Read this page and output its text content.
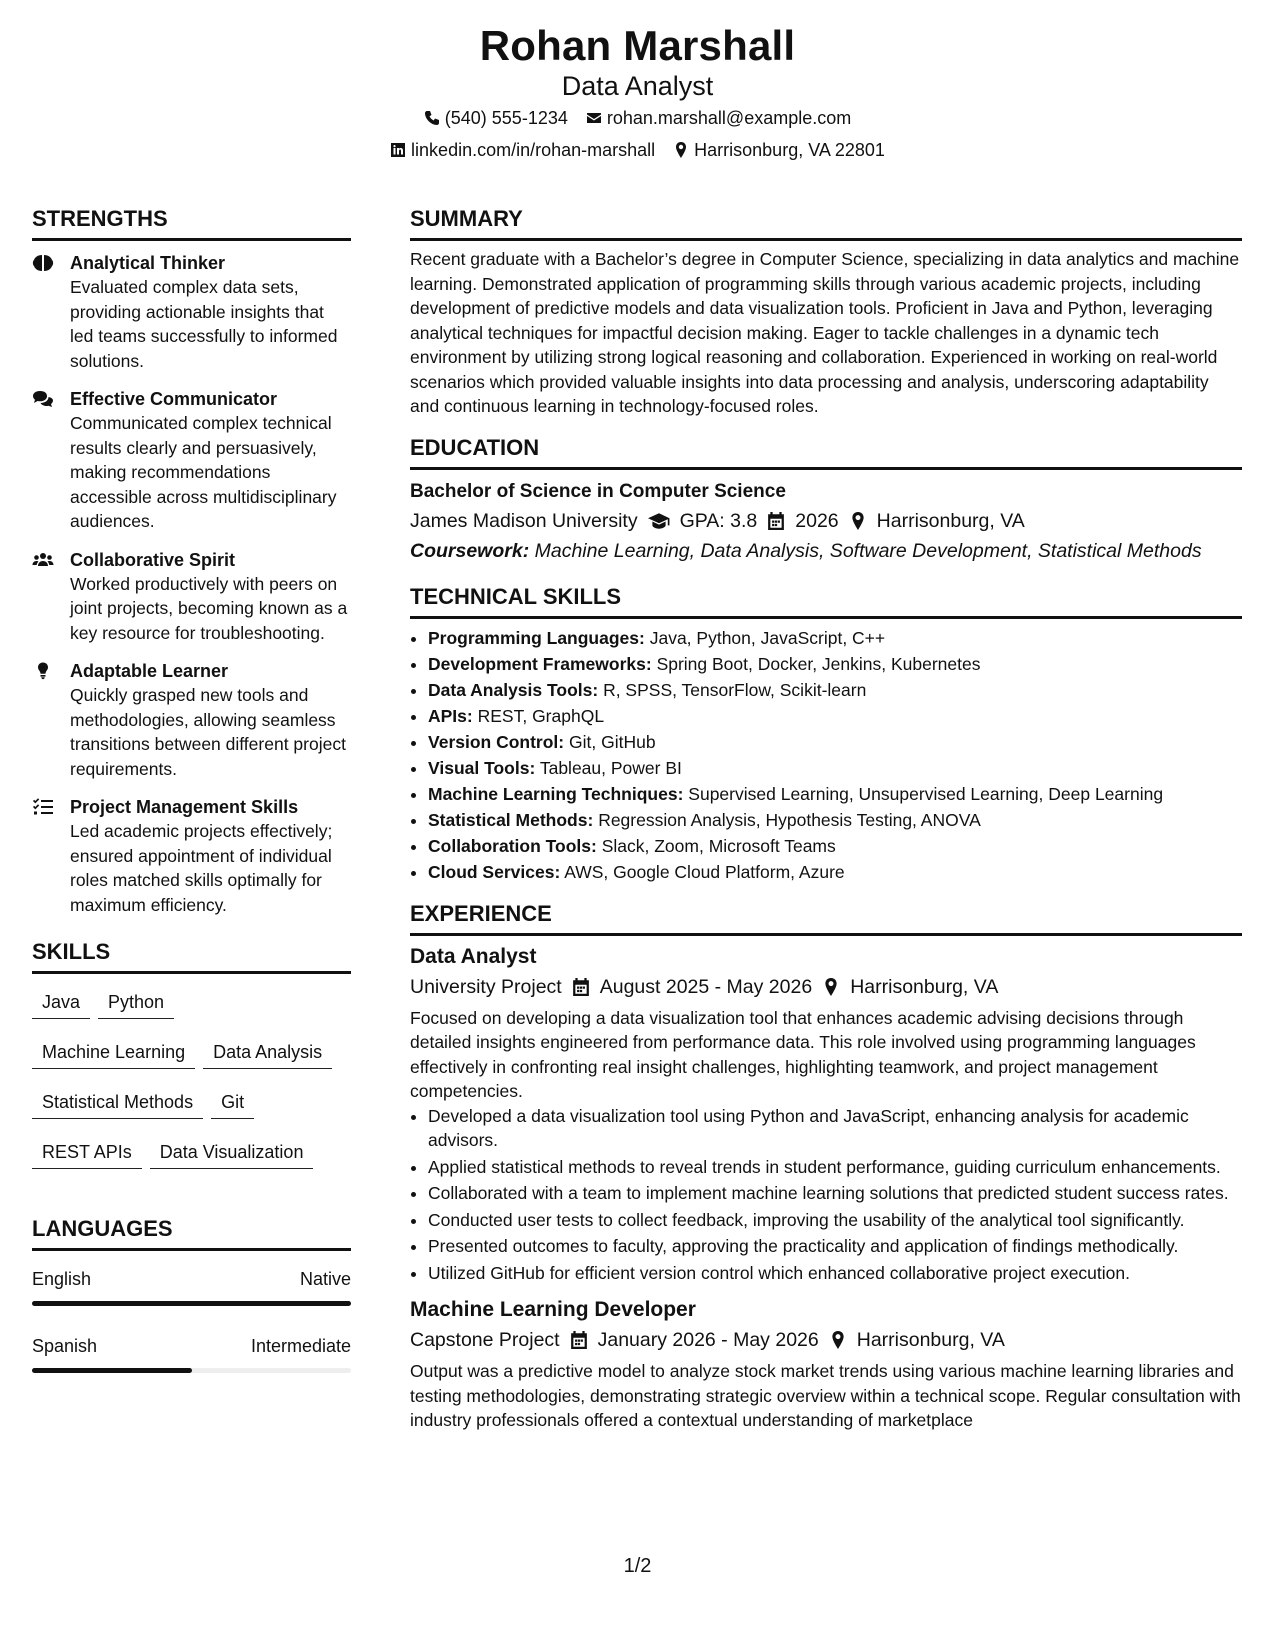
Rohan Marshall
Data Analyst
(540) 555-1234 rohan.marshall@example.com
linkedin.com/in/rohan-marshall Harrisonburg, VA 22801
STRENGTHS
Analytical Thinker
Evaluated complex data sets, providing actionable insights that led teams successfully to informed solutions.
Effective Communicator
Communicated complex technical results clearly and persuasively, making recommendations accessible across multidisciplinary audiences.
Collaborative Spirit
Worked productively with peers on joint projects, becoming known as a key resource for troubleshooting.
Adaptable Learner
Quickly grasped new tools and methodologies, allowing seamless transitions between different project requirements.
Project Management Skills
Led academic projects effectively; ensured appointment of individual roles matched skills optimally for maximum efficiency.
SKILLS
Java	Python
Machine Learning	Data Analysis
Statistical Methods	Git
REST APIs	Data Visualization
LANGUAGES
English	Native
Spanish	Intermediate
SUMMARY
Recent graduate with a Bachelor’s degree in Computer Science, specializing in data analytics and machine learning. Demonstrated application of programming skills through various academic projects, including development of predictive models and data visualization tools. Proficient in Java and Python, leveraging analytical techniques for impactful decision making. Eager to tackle challenges in a dynamic tech environment by utilizing strong logical reasoning and collaboration. Experienced in working on real-world scenarios which provided valuable insights into data processing and analysis, underscoring adaptability and continuous learning in technology-focused roles.
EDUCATION
Bachelor of Science in Computer Science
James Madison University GPA: 3.8 2026 Harrisonburg, VA
Coursework: Machine Learning, Data Analysis, Software Development, Statistical Methods
TECHNICAL SKILLS
• Programming Languages: Java, Python, JavaScript, C++
• Development Frameworks: Spring Boot, Docker, Jenkins, Kubernetes
• Data Analysis Tools: R, SPSS, TensorFlow, Scikit-learn
• APIs: REST, GraphQL
• Version Control: Git, GitHub
• Visual Tools: Tableau, Power BI
• Machine Learning Techniques: Supervised Learning, Unsupervised Learning, Deep Learning
• Statistical Methods: Regression Analysis, Hypothesis Testing, ANOVA
• Collaboration Tools: Slack, Zoom, Microsoft Teams
• Cloud Services: AWS, Google Cloud Platform, Azure
EXPERIENCE
Data Analyst
University Project August 2025 - May 2026 Harrisonburg, VA
Focused on developing a data visualization tool that enhances academic advising decisions through detailed insights engineered from performance data. This role involved using programming languages effectively in confronting real insight challenges, highlighting teamwork, and project management competencies.
• Developed a data visualization tool using Python and JavaScript, enhancing analysis for academic advisors.
• Applied statistical methods to reveal trends in student performance, guiding curriculum enhancements.
• Collaborated with a team to implement machine learning solutions that predicted student success rates.
• Conducted user tests to collect feedback, improving the usability of the analytical tool significantly.
• Presented outcomes to faculty, approving the practicality and application of findings methodically.
• Utilized GitHub for efficient version control which enhanced collaborative project execution.
Machine Learning Developer
Capstone Project January 2026 - May 2026 Harrisonburg, VA
Output was a predictive model to analyze stock market trends using various machine learning libraries and testing methodologies, demonstrating strategic overview within a technical scope. Regular consultation with industry professionals offered a contextual understanding of marketplace
1/2
